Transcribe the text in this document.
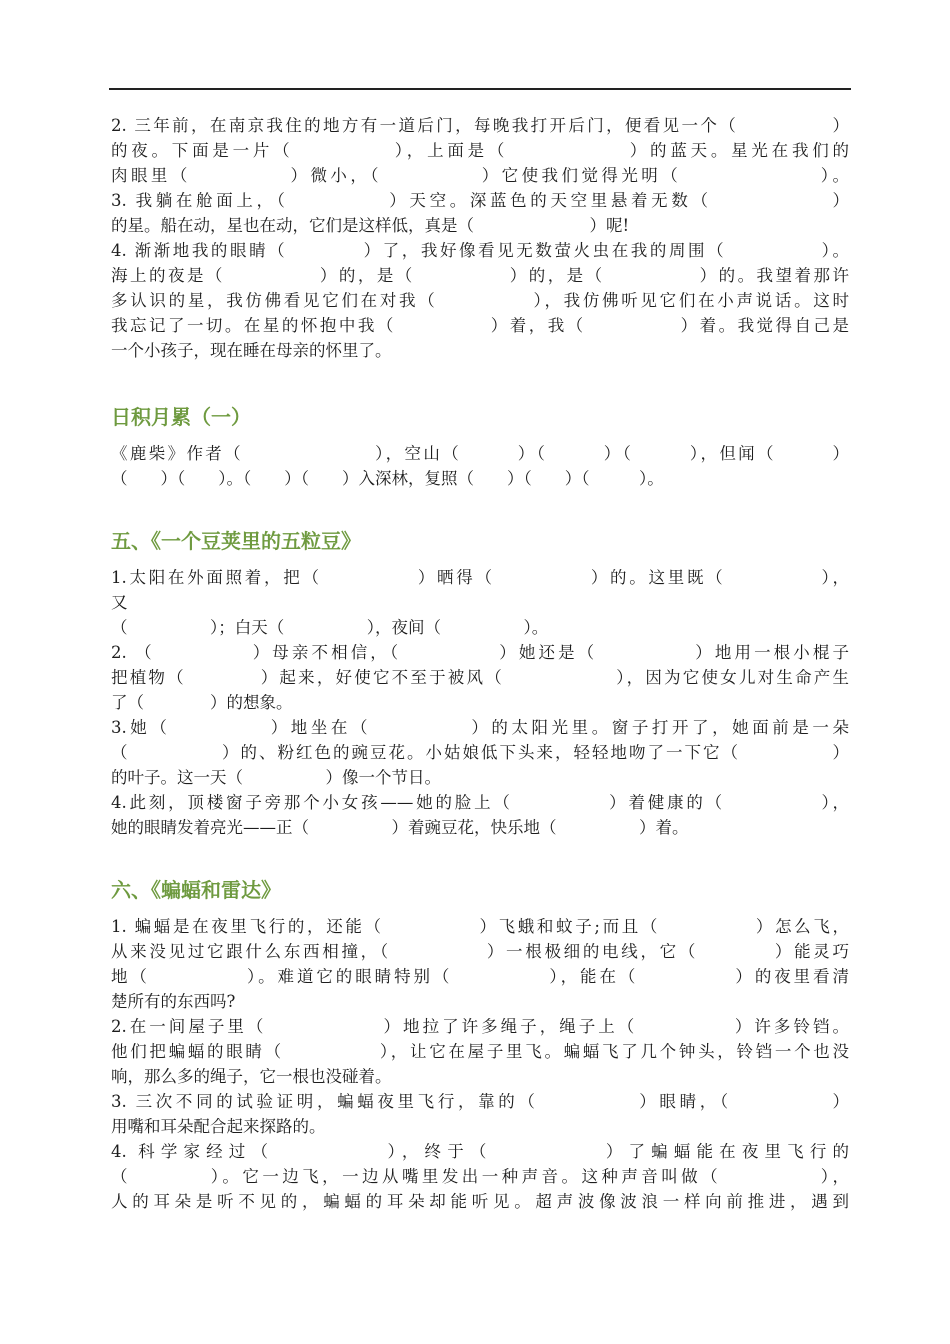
2. 三年前，在南京我住的地方有一道后门，每晚我打开后门，便看见一个（　　　　　）
的夜。下面是一片（　　　　　），上面是（　　　　　　）的蓝天。星光在我们的
肉眼里（　　　　　）微小，（　　　　　）它使我们觉得光明（　　　　　　　）。
3. 我躺在舱面上，（　　　　　）天空。深蓝色的天空里悬着无数（　　　　　　）
的星。船在动，星也在动，它们是这样低，真是（　　　　　　　）呢!
4. 渐渐地我的眼睛（　　　　）了，我好像看见无数萤火虫在我的周围（　　　　　）。
海上的夜是（　　　　　）的，是（　　　　　）的，是（　　　　　）的。我望着那许
多认识的星，我仿佛看见它们在对我（　　　　　），我仿佛听见它们在小声说话。这时
我忘记了一切。在星的怀抱中我（　　　　　）着，我（　　　　　）着。我觉得自己是
一个小孩子，现在睡在母亲的怀里了。
日积月累（一）
《鹿柴》作者（　　　　　　　），空山（　　　）（　　　）（　　　），但闻（　　　）
（　　）（　　）。（　　）（　　）入深林，复照（　　）（　　）（　　　）。
五、《一个豆荚里的五粒豆》
1.太阳在外面照着，把（　　　　　）晒得（　　　　　）的。这里既（　　　　　），
又
（　　　　　）；白天（　　　　　），夜间（　　　　　）。
2. （　　　　　）母亲不相信，（　　　　　）她还是（　　　　　）地用一根小棍子
把植物（　　　　）起来，好使它不至于被风（　　　　　　），因为它使女儿对生命产生
了（　　　　）的想象。
3.她（　　　　　）地坐在（　　　　　）的太阳光里。窗子打开了，她面前是一朵
（　　　　　）的、粉红色的豌豆花。小姑娘低下头来，轻轻地吻了一下它（　　　　　）
的叶子。这一天（　　　　　）像一个节日。
4.此刻，顶楼窗子旁那个小女孩——她的脸上（　　　　　）着健康的（　　　　　），
她的眼睛发着亮光——正（　　　　　）着豌豆花，快乐地（　　　　　）着。
六、《蝙蝠和雷达》
1. 蝙蝠是在夜里飞行的，还能（　　　　　）飞蛾和蚊子;而且（　　　　　）怎么飞，
从来没见过它跟什么东西相撞，（　　　　　）一根极细的电线，它（　　　　）能灵巧
地（　　　　　）。难道它的眼睛特别（　　　　　），能在（　　　　　）的夜里看清
楚所有的东西吗?
2.在一间屋子里（　　　　　　）地拉了许多绳子，绳子上（　　　　　）许多铃铛。
他们把蝙蝠的眼睛（　　　　　），让它在屋子里飞。蝙蝠飞了几个钟头，铃铛一个也没
响，那么多的绳子，它一根也没碰着。
3. 三次不同的试验证明，蝙蝠夜里飞行，靠的（　　　　　）眼睛，（　　　　　）
用嘴和耳朵配合起来探路的。
4. 科学家经过（　　　　　），终于（　　　　　）了蝙蝠能在夜里飞行的
（　　　　）。它一边飞，一边从嘴里发出一种声音。这种声音叫做（　　　　　），
人的耳朵是听不见的，蝙蝠的耳朵却能听见。超声波像波浪一样向前推进，遇到
